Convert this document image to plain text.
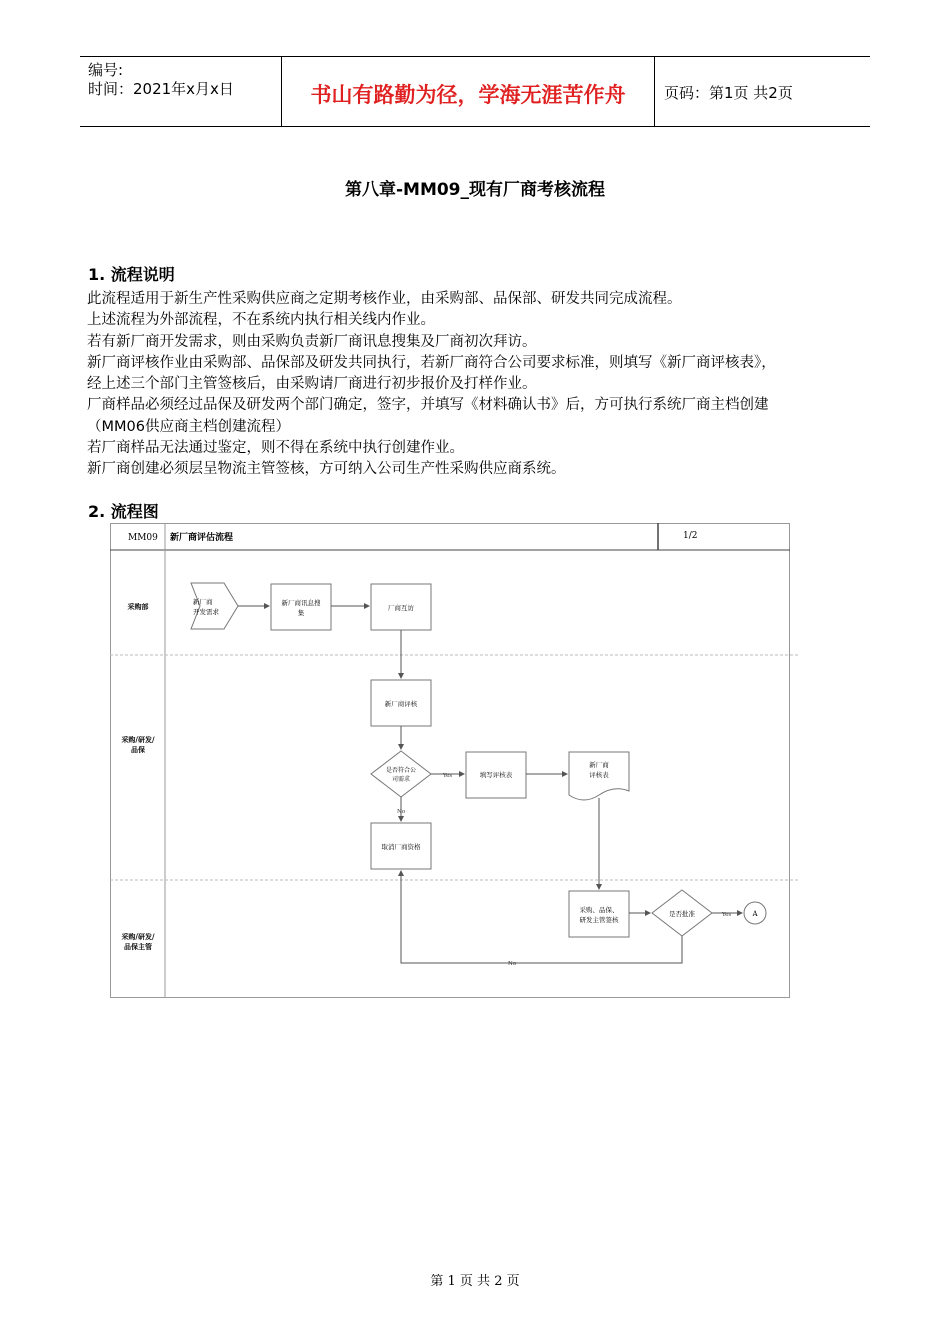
编号:
时间：2021年x月x日	书山有路勤为径，学海无涯苦作舟	页码：第1页 共2页
第八章-MM09_现有厂商考核流程
1. 流程说明
此流程适用于新生产性采购供应商之定期考核作业，由采购部、品保部、研发共同完成流程。
上述流程为外部流程，不在系统内执行相关线内作业。
若有新厂商开发需求，则由采购负责新厂商讯息搜集及厂商初次拜访。
新厂商评核作业由采购部、品保部及研发共同执行，若新厂商符合公司要求标准，则填写《新厂商评核表》，
经上述三个部门主管签核后，由采购请厂商进行初步报价及打样作业。
厂商样品必须经过品保及研发两个部门确定，签字，并填写《材料确认书》后，方可执行系统厂商主档创建
（MM06供应商主档创建流程）
若厂商样品无法通过鉴定，则不得在系统中执行创建作业。
新厂商创建必须层呈物流主管签核，方可纳入公司生产性采购供应商系统。
2. 流程图
MM09 新厂商评估流程	1/2
采购部
采购/研发/
品保
采购/研发/
品保主管
新厂商
开发需求
新厂商讯息搜
集
厂商互访
新厂商评核
是否符合公
司需求
填写评核表
新厂商
评核表
取消厂商资格
采购、品保、
研发主管签核
是否批准	A
Yes
No
Yes
No
第 1 页 共 2 页
